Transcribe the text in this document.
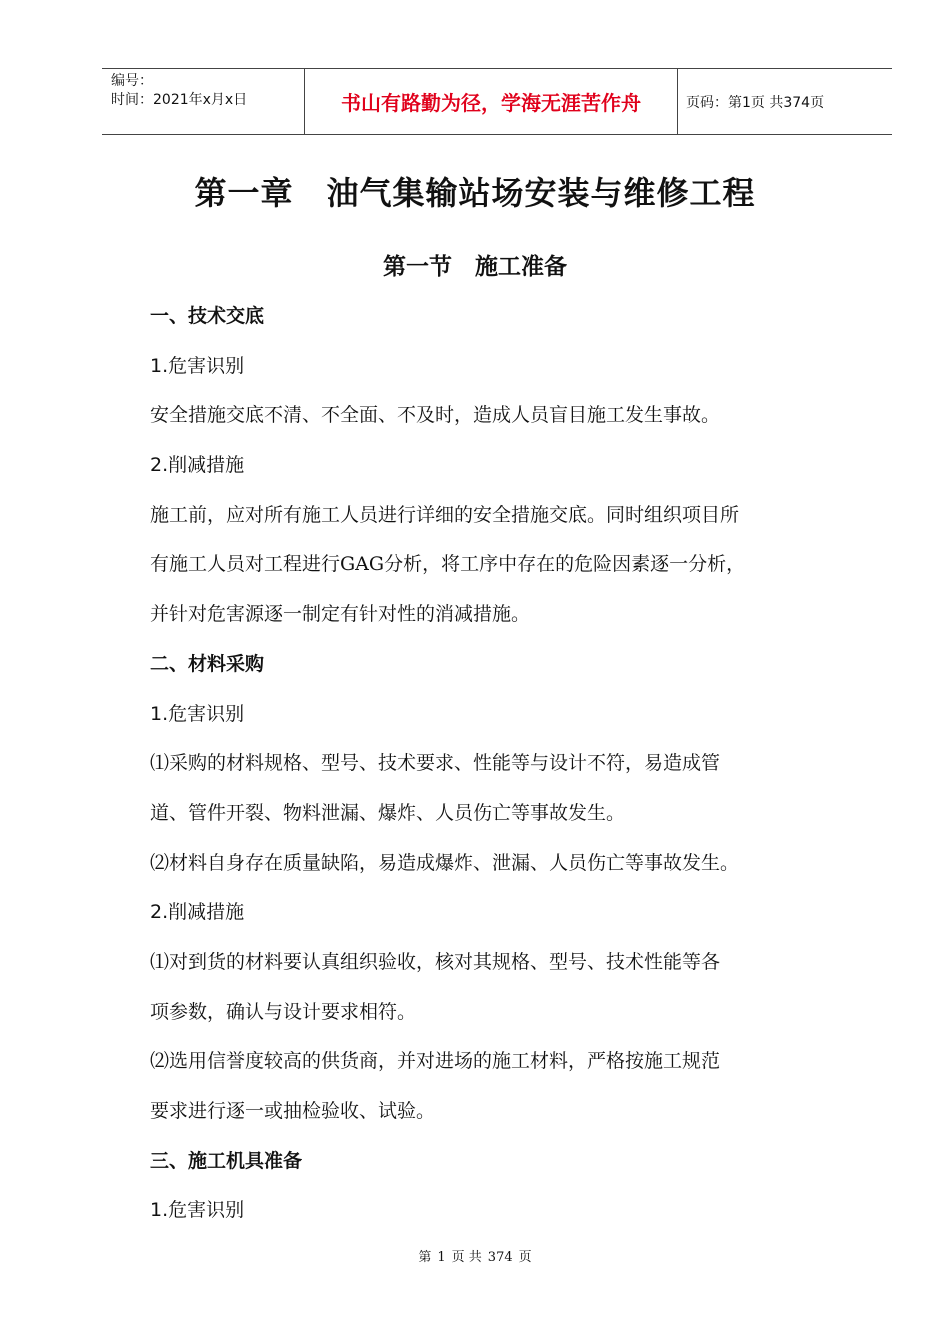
编号：
时间：2021年x月x日	书山有路勤为径，学海无涯苦作舟	页码：第1页 共374页
第一章　油气集输站场安装与维修工程
第一节　施工准备
一、技术交底
1.危害识别
安全措施交底不清、不全面、不及时，造成人员盲目施工发生事故。
2.削减措施
施工前，应对所有施工人员进行详细的安全措施交底。同时组织项目所
有施工人员对工程进行GAG分析，将工序中存在的危险因素逐一分析，
并针对危害源逐一制定有针对性的消减措施。
二、材料采购
1.危害识别
⑴采购的材料规格、型号、技术要求、性能等与设计不符，易造成管
道、管件开裂、物料泄漏、爆炸、人员伤亡等事故发生。
⑵材料自身存在质量缺陷，易造成爆炸、泄漏、人员伤亡等事故发生。
2.削减措施
⑴对到货的材料要认真组织验收，核对其规格、型号、技术性能等各
项参数，确认与设计要求相符。
⑵选用信誉度较高的供货商，并对进场的施工材料，严格按施工规范
要求进行逐一或抽检验收、试验。
三、施工机具准备
1.危害识别
第 1 页 共 374 页
